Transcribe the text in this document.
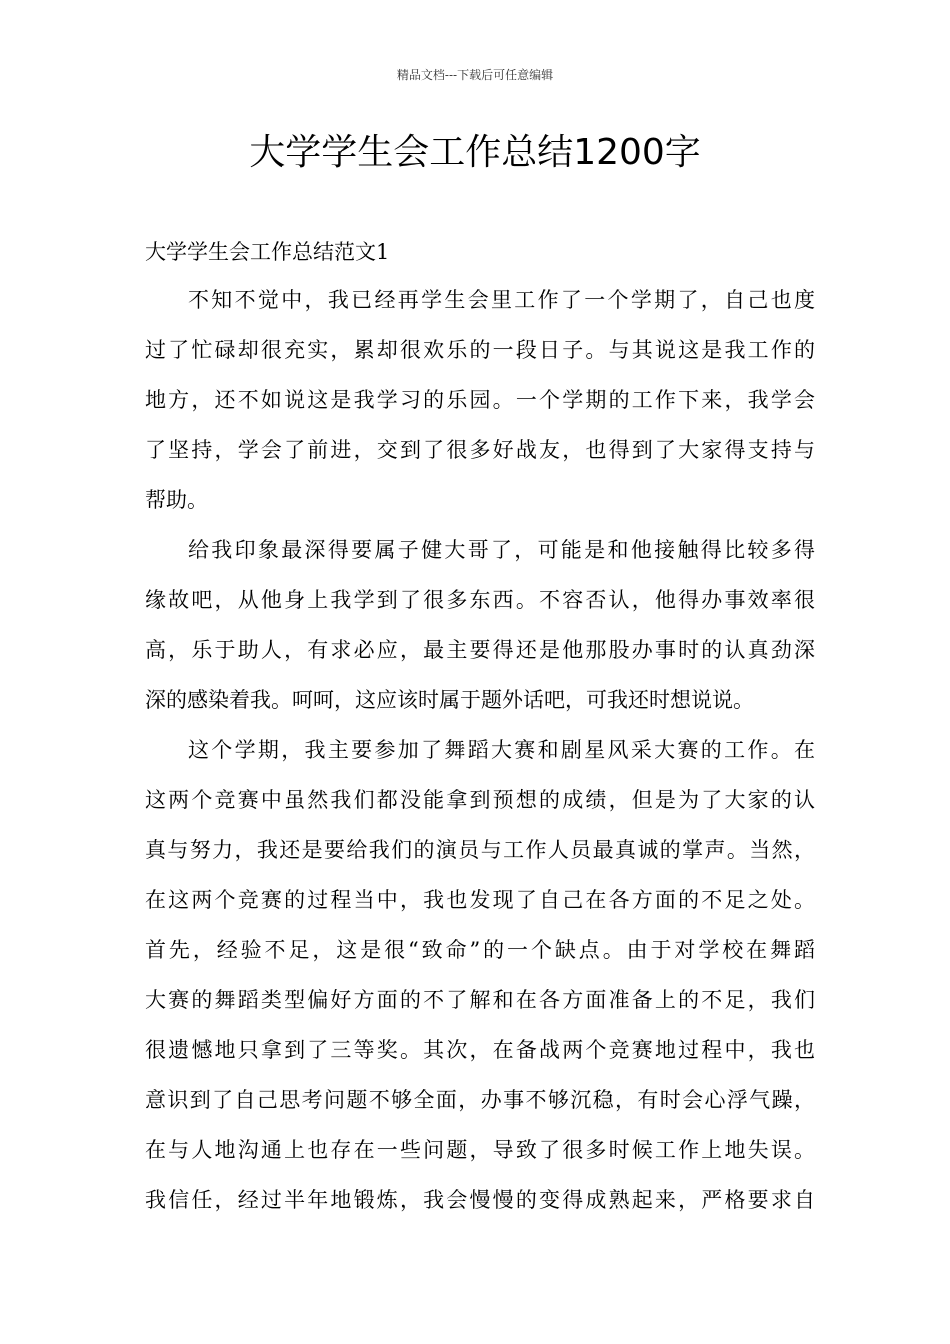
精品文档---下载后可任意编辑
大学学生会工作总结1200字
大学学生会工作总结范文1
不知不觉中，我已经再学生会里工作了一个学期了，自己也度
过了忙碌却很充实，累却很欢乐的一段日子。与其说这是我工作的
地方，还不如说这是我学习的乐园。一个学期的工作下来，我学会
了坚持，学会了前进，交到了很多好战友，也得到了大家得支持与
帮助。
给我印象最深得要属子健大哥了，可能是和他接触得比较多得
缘故吧，从他身上我学到了很多东西。不容否认，他得办事效率很
高，乐于助人，有求必应，最主要得还是他那股办事时的认真劲深
深的感染着我。呵呵，这应该时属于题外话吧，可我还时想说说。
这个学期，我主要参加了舞蹈大赛和剧星风采大赛的工作。在
这两个竞赛中虽然我们都没能拿到预想的成绩，但是为了大家的认
真与努力，我还是要给我们的演员与工作人员最真诚的掌声。当然，
在这两个竞赛的过程当中，我也发现了自己在各方面的不足之处。
首先，经验不足，这是很“致命”的一个缺点。由于对学校在舞蹈
大赛的舞蹈类型偏好方面的不了解和在各方面准备上的不足，我们
很遗憾地只拿到了三等奖。其次，在备战两个竞赛地过程中，我也
意识到了自己思考问题不够全面，办事不够沉稳，有时会心浮气躁，
在与人地沟通上也存在一些问题，导致了很多时候工作上地失误。
我信任，经过半年地锻炼，我会慢慢的变得成熟起来，严格要求自
